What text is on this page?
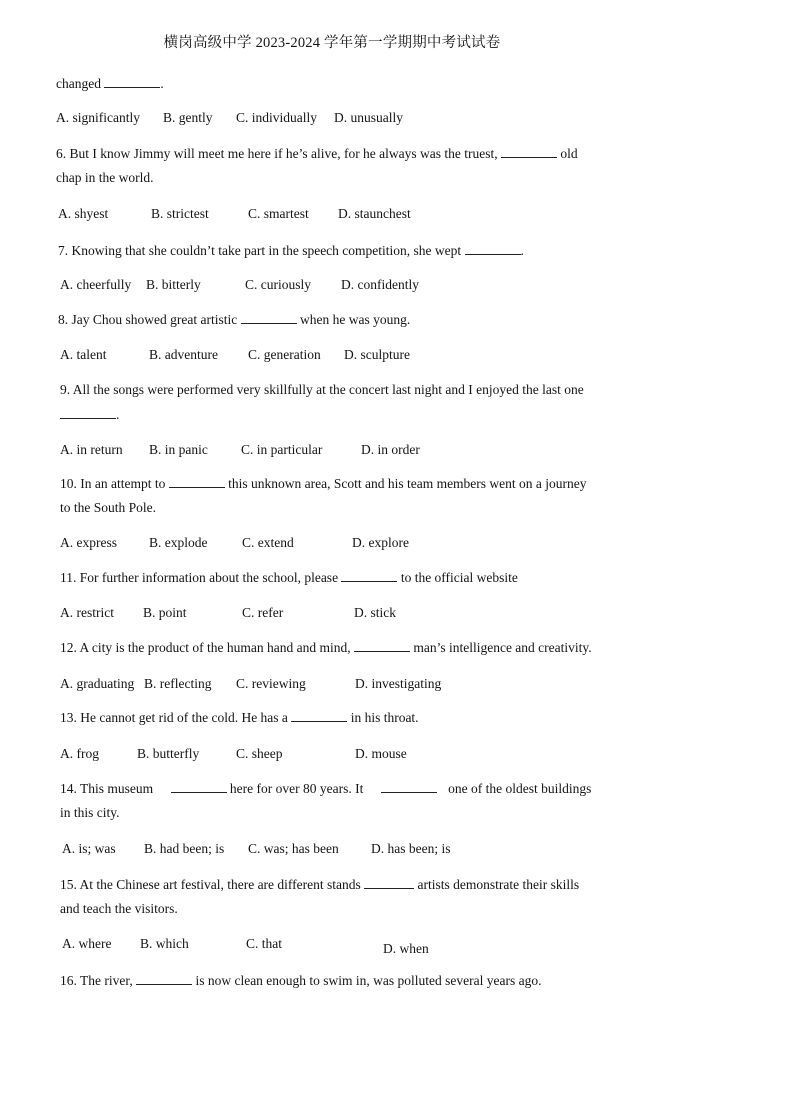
横岗高级中学 2023-2024 学年第一学期期中考试试卷
changed	.
A. significantly B. gently C. individually D. unusually
6. But I know Jimmy will meet me here if he’s alive, for he always was the truest,	old
chap in the world.
A. shyest	B. strictest	C. smartest D. staunchest
7. Knowing that she couldn’t take part in the speech competition, she wept	.
A. cheerfully B. bitterly	C. curiously D. confidently
8. Jay Chou showed great artistic	when he was young.
A. talent	B. adventure C. generation D. sculpture
9. All the songs were performed very skillfully at the concert last night and I enjoyed the last one
.
A. in return B. in panic C. in particular	D. in order
10. In an attempt to	this unknown area, Scott and his team members went on a journey
to the South Pole.
A. express B. explode	C. extend	D. explore
11. For further information about the school, please	to the official website
A. restrict B. point	C. refer	D. stick
12. A city is the product of the human hand and mind,	man’s intelligence and creativity.
A. graduating B. reflecting C. reviewing	D. investigating
13. He cannot get rid of the cold. He has a	in his throat.
A. frog	B. butterfly	C. sheep	D. mouse
14. This museum	here for over 80 years. It	one of the oldest buildings
in this city.
A. is; was B. had been; is C. was; has been D. has been; is
15. At the Chinese art festival, there are different stands	artists demonstrate their skills
and teach the visitors.
A. where B. which	C. that	D. when
16. The river,	is now clean enough to swim in, was polluted several years ago.
